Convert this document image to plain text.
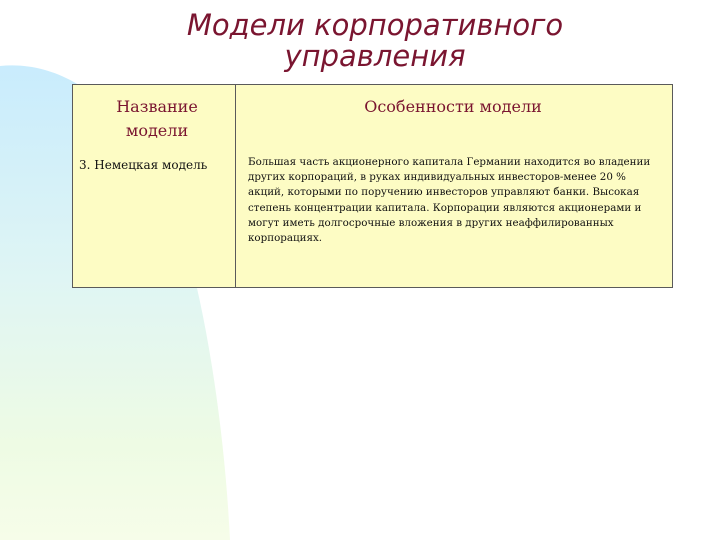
Модели корпоративного управления
Название модели
Особенности модели
3. Немецкая модель	Большая часть акционерного капитала Германии находится во владении других корпораций, в руках индивидуальных инвесторов-менее 20 % акций, которыми по поручению инвесторов управляют банки. Высокая степень концентрации капитала. Корпорации являются акционерами и могут иметь долгосрочные вложения в других неаффилированных корпорациях.
